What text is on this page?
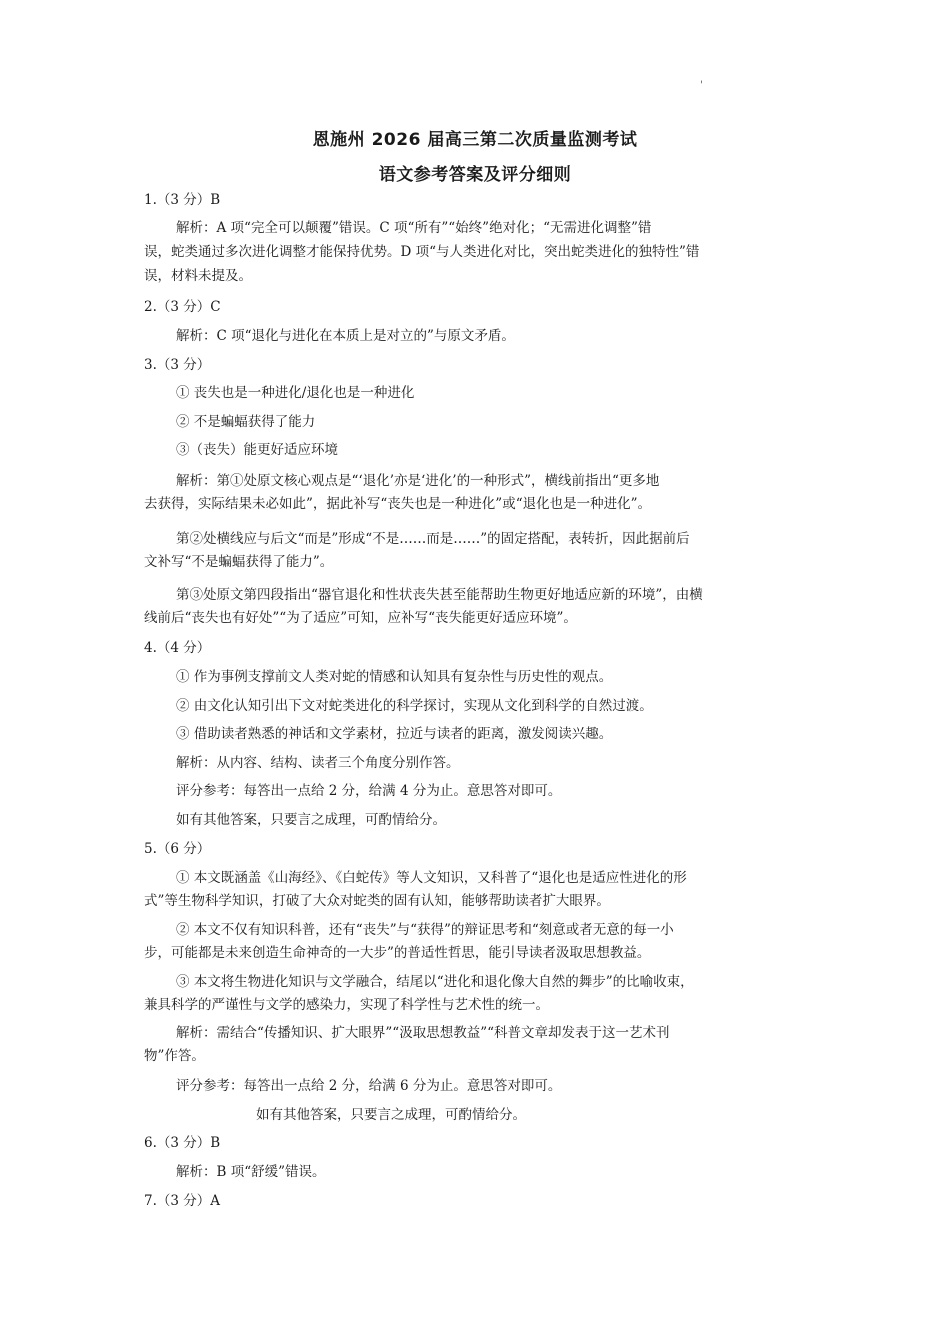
'
恩施州 2026 届高三第二次质量监测考试
语文参考答案及评分细则
1.（3 分）B
解析：A 项“完全可以颠覆”错误。C 项“所有”“始终”绝对化；“无需进化调整”错
误，蛇类通过多次进化调整才能保持优势。D 项“与人类进化对比，突出蛇类进化的独特性”错
误，材料未提及。
2.（3 分）C
解析：C 项“退化与进化在本质上是对立的”与原文矛盾。
3.（3 分）
① 丧失也是一种进化/退化也是一种进化
② 不是蝙蝠获得了能力
③（丧失）能更好适应环境
解析：第①处原文核心观点是“‘退化’亦是‘进化’的一种形式”，横线前指出“更多地
去获得，实际结果未必如此”，据此补写“丧失也是一种进化”或“退化也是一种进化”。
第②处横线应与后文“而是”形成“不是……而是……”的固定搭配，表转折，因此据前后
文补写“不是蝙蝠获得了能力”。
第③处原文第四段指出“器官退化和性状丧失甚至能帮助生物更好地适应新的环境”，由横
线前后“丧失也有好处”“为了适应”可知，应补写“丧失能更好适应环境”。
4.（4 分）
① 作为事例支撑前文人类对蛇的情感和认知具有复杂性与历史性的观点。
② 由文化认知引出下文对蛇类进化的科学探讨，实现从文化到科学的自然过渡。
③ 借助读者熟悉的神话和文学素材，拉近与读者的距离，激发阅读兴趣。
解析：从内容、结构、读者三个角度分别作答。
评分参考：每答出一点给 2 分，给满 4 分为止。意思答对即可。
如有其他答案，只要言之成理，可酌情给分。
5.（6 分）
① 本文既涵盖《山海经》、《白蛇传》等人文知识，又科普了“退化也是适应性进化的形
式”等生物科学知识，打破了大众对蛇类的固有认知，能够帮助读者扩大眼界。
② 本文不仅有知识科普，还有“丧失”与“获得”的辩证思考和“刻意或者无意的每一小
步，可能都是未来创造生命神奇的一大步”的普适性哲思，能引导读者汲取思想教益。
③ 本文将生物进化知识与文学融合，结尾以“进化和退化像大自然的舞步”的比喻收束，
兼具科学的严谨性与文学的感染力，实现了科学性与艺术性的统一。
解析：需结合“传播知识、扩大眼界”“汲取思想教益”“科普文章却发表于这一艺术刊
物”作答。
评分参考：每答出一点给 2 分，给满 6 分为止。意思答对即可。
如有其他答案，只要言之成理，可酌情给分。
6.（3 分）B
解析：B 项“舒缓”错误。
7.（3 分）A
